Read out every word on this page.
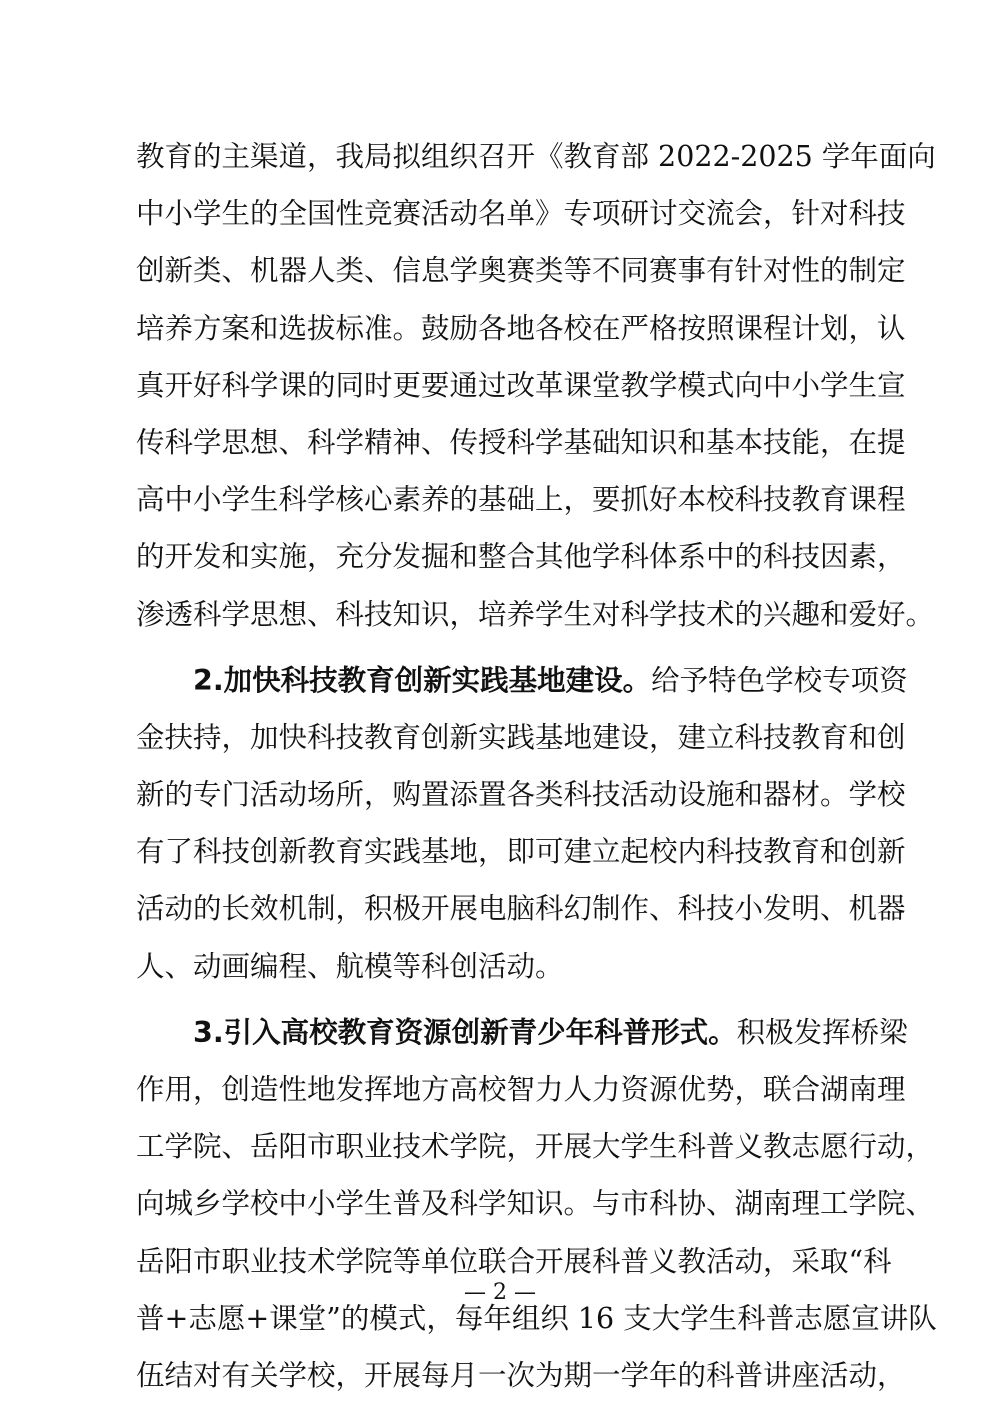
教育的主渠道，我局拟组织召开《教育部 2022-2025 学年面向
中小学生的全国性竞赛活动名单》专项研讨交流会，针对科技
创新类、机器人类、信息学奥赛类等不同赛事有针对性的制定
培养方案和选拔标准。鼓励各地各校在严格按照课程计划，认
真开好科学课的同时更要通过改革课堂教学模式向中小学生宣
传科学思想、科学精神、传授科学基础知识和基本技能，在提
高中小学生科学核心素养的基础上，要抓好本校科技教育课程
的开发和实施，充分发掘和整合其他学科体系中的科技因素，
渗透科学思想、科技知识，培养学生对科学技术的兴趣和爱好。
2.加快科技教育创新实践基地建设。给予特色学校专项资
金扶持，加快科技教育创新实践基地建设，建立科技教育和创
新的专门活动场所，购置添置各类科技活动设施和器材。学校
有了科技创新教育实践基地，即可建立起校内科技教育和创新
活动的长效机制，积极开展电脑科幻制作、科技小发明、机器
人、动画编程、航模等科创活动。
3.引入高校教育资源创新青少年科普形式。积极发挥桥梁
作用，创造性地发挥地方高校智力人力资源优势，联合湖南理
工学院、岳阳市职业技术学院，开展大学生科普义教志愿行动，
向城乡学校中小学生普及科学知识。与市科协、湖南理工学院、
岳阳市职业技术学院等单位联合开展科普义教活动，采取“科
普+志愿+课堂”的模式，每年组织 16 支大学生科普志愿宣讲队
伍结对有关学校，开展每月一次为期一学年的科普讲座活动，
— 2 —
